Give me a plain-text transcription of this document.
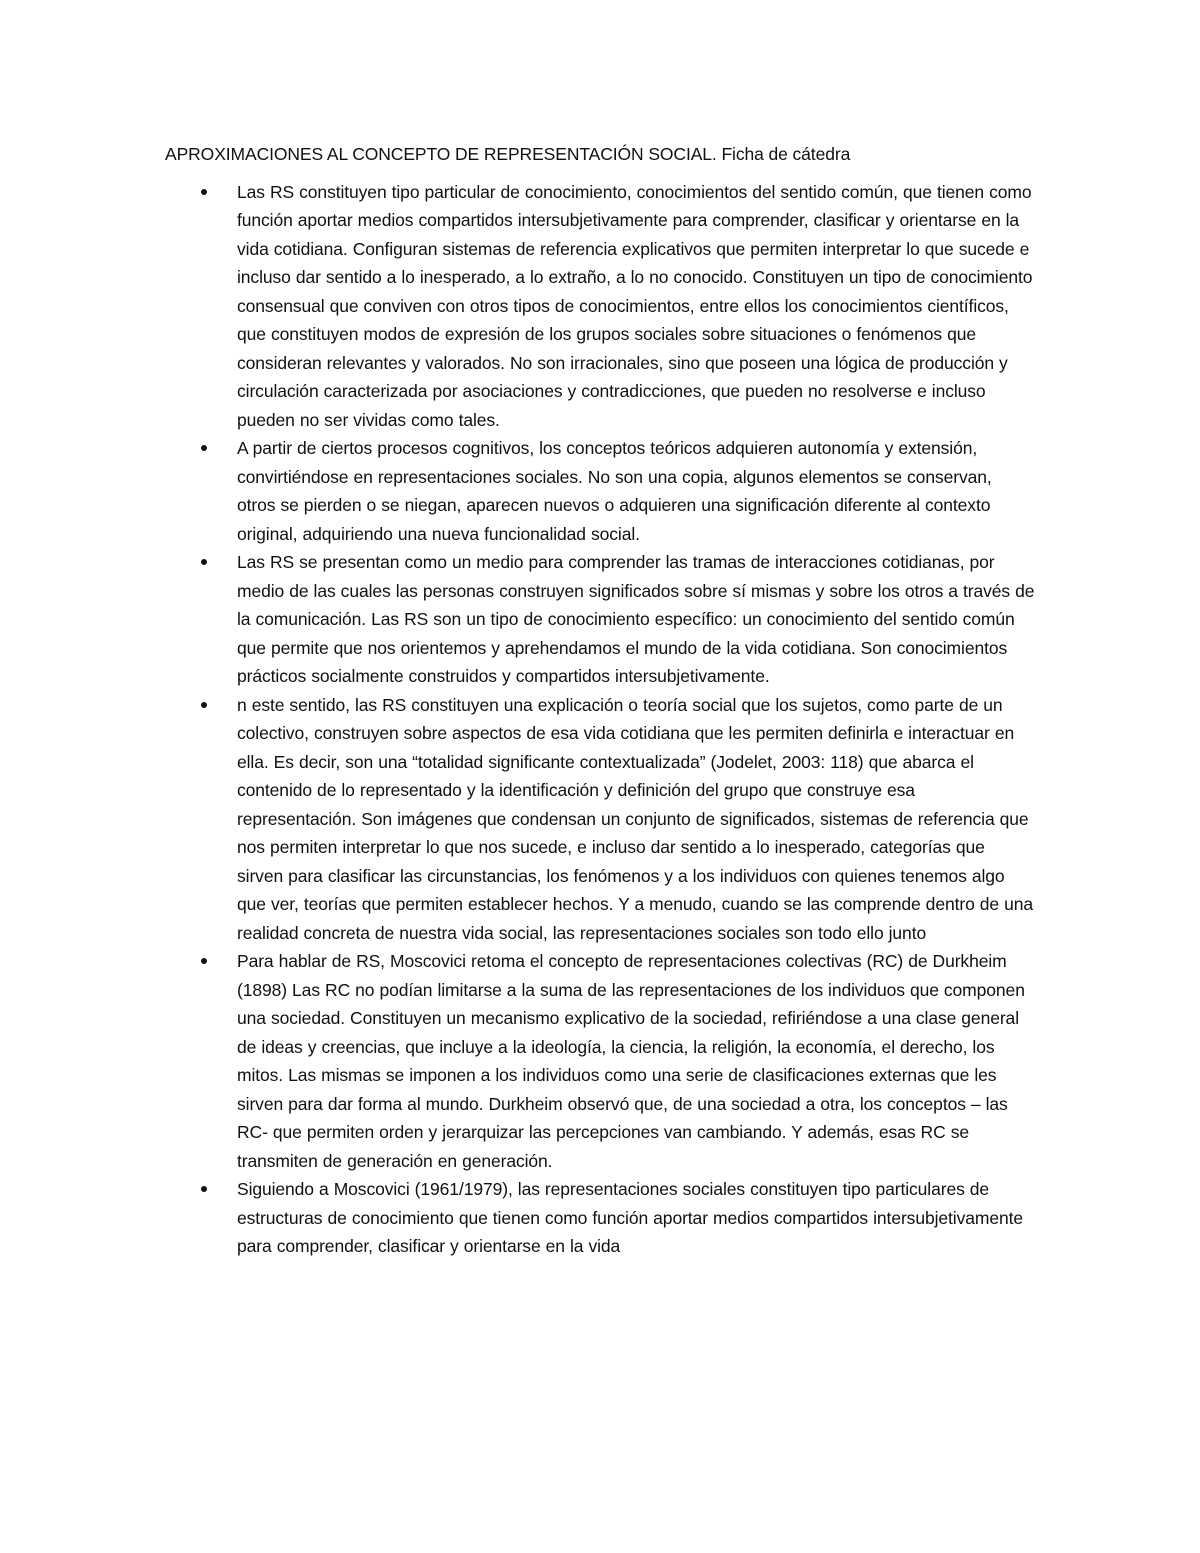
APROXIMACIONES AL CONCEPTO DE REPRESENTACIÓN SOCIAL. Ficha de cátedra
Las RS constituyen tipo particular de conocimiento, conocimientos del sentido común, que tienen como función aportar medios compartidos intersubjetivamente para comprender, clasificar y orientarse en la vida cotidiana. Configuran sistemas de referencia explicativos que permiten interpretar lo que sucede e incluso dar sentido a lo inesperado, a lo extraño, a lo no conocido. Constituyen un tipo de conocimiento consensual que conviven con otros tipos de conocimientos, entre ellos los conocimientos científicos, que constituyen modos de expresión de los grupos sociales sobre situaciones o fenómenos que consideran relevantes y valorados. No son irracionales, sino que poseen una lógica de producción y circulación caracterizada por asociaciones y contradicciones, que pueden no resolverse e incluso pueden no ser vividas como tales.
A partir de ciertos procesos cognitivos, los conceptos teóricos adquieren autonomía y extensión, convirtiéndose en representaciones sociales. No son una copia, algunos elementos se conservan, otros se pierden o se niegan, aparecen nuevos o adquieren una significación diferente al contexto original, adquiriendo una nueva funcionalidad social.
Las RS se presentan como un medio para comprender las tramas de interacciones cotidianas, por medio de las cuales las personas construyen significados sobre sí mismas y sobre los otros a través de la comunicación. Las RS son un tipo de conocimiento específico: un conocimiento del sentido común que permite que nos orientemos y aprehendamos el mundo de la vida cotidiana. Son conocimientos prácticos socialmente construidos y compartidos intersubjetivamente.
n este sentido, las RS constituyen una explicación o teoría social que los sujetos, como parte de un colectivo, construyen sobre aspectos de esa vida cotidiana que les permiten definirla e interactuar en ella. Es decir, son una “totalidad significante contextualizada” (Jodelet, 2003: 118) que abarca el contenido de lo representado y la identificación y definición del grupo que construye esa representación. Son imágenes que condensan un conjunto de significados, sistemas de referencia que nos permiten interpretar lo que nos sucede, e incluso dar sentido a lo inesperado, categorías que sirven para clasificar las circunstancias, los fenómenos y a los individuos con quienes tenemos algo que ver, teorías que permiten establecer hechos. Y a menudo, cuando se las comprende dentro de una realidad concreta de nuestra vida social, las representaciones sociales son todo ello junto
Para hablar de RS, Moscovici retoma el concepto de representaciones colectivas (RC) de Durkheim (1898) Las RC no podían limitarse a la suma de las representaciones de los individuos que componen una sociedad. Constituyen un mecanismo explicativo de la sociedad, refiriéndose a una clase general de ideas y creencias, que incluye a la ideología, la ciencia, la religión, la economía, el derecho, los mitos. Las mismas se imponen a los individuos como una serie de clasificaciones externas que les sirven para dar forma al mundo. Durkheim observó que, de una sociedad a otra, los conceptos – las RC- que permiten orden y jerarquizar las percepciones van cambiando. Y además, esas RC se transmiten de generación en generación.
Siguiendo a Moscovici (1961/1979), las representaciones sociales constituyen tipo particulares de estructuras de conocimiento que tienen como función aportar medios compartidos intersubjetivamente para comprender, clasificar y orientarse en la vida
